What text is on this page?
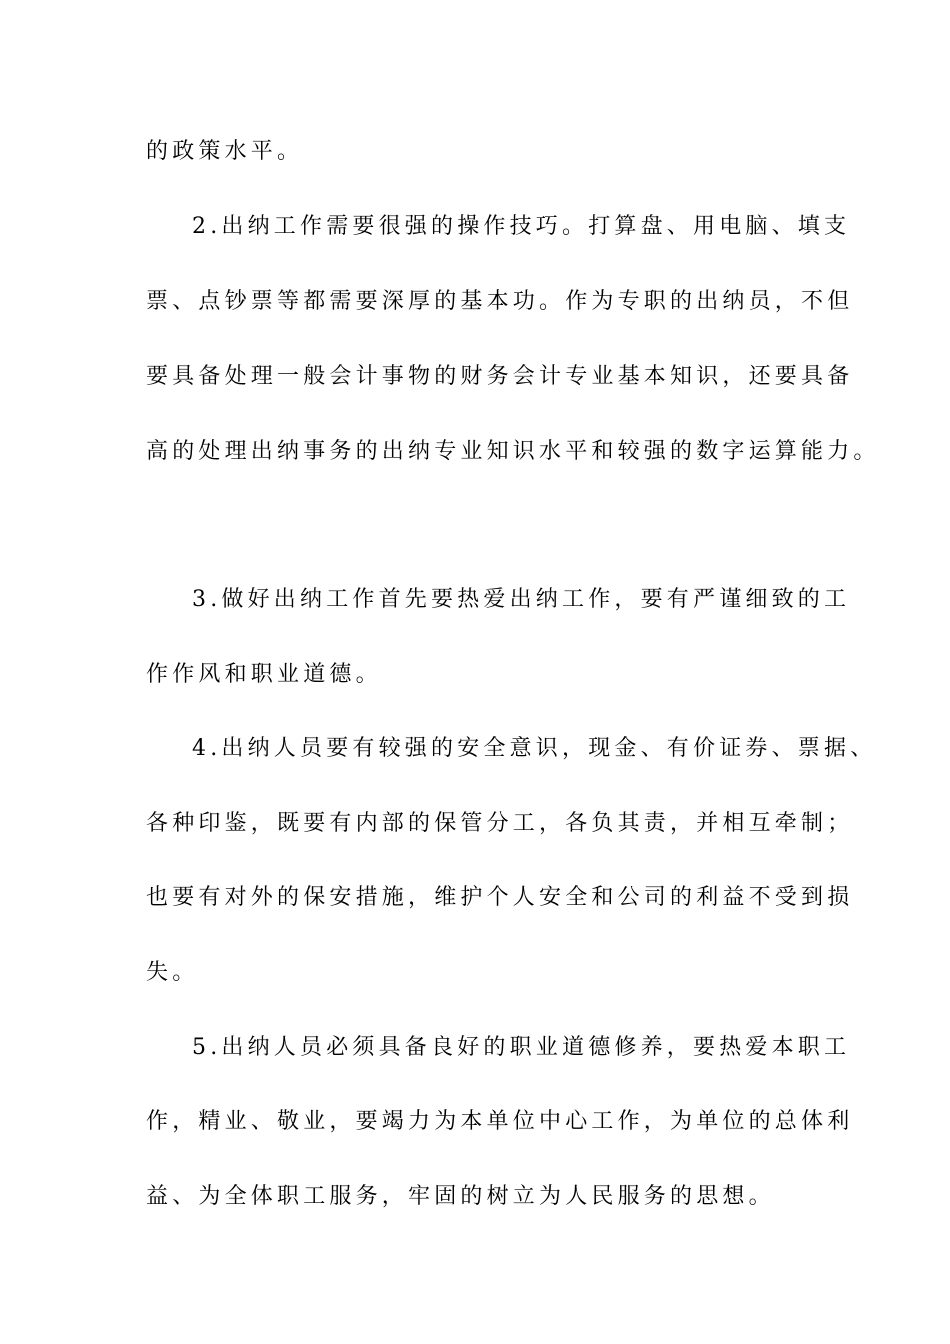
的政策水平。
2.出纳工作需要很强的操作技巧。打算盘、用电脑、填支
票、点钞票等都需要深厚的基本功。作为专职的出纳员，不但
要具备处理一般会计事物的财务会计专业基本知识，还要具备
高的处理出纳事务的出纳专业知识水平和较强的数字运算能力。
3.做好出纳工作首先要热爱出纳工作，要有严谨细致的工
作作风和职业道德。
4.出纳人员要有较强的安全意识，现金、有价证券、票据、
各种印鉴，既要有内部的保管分工，各负其责，并相互牵制；
也要有对外的保安措施，维护个人安全和公司的利益不受到损
失。
5.出纳人员必须具备良好的职业道德修养，要热爱本职工
作，精业、敬业，要竭力为本单位中心工作，为单位的总体利
益、为全体职工服务，牢固的树立为人民服务的思想。
